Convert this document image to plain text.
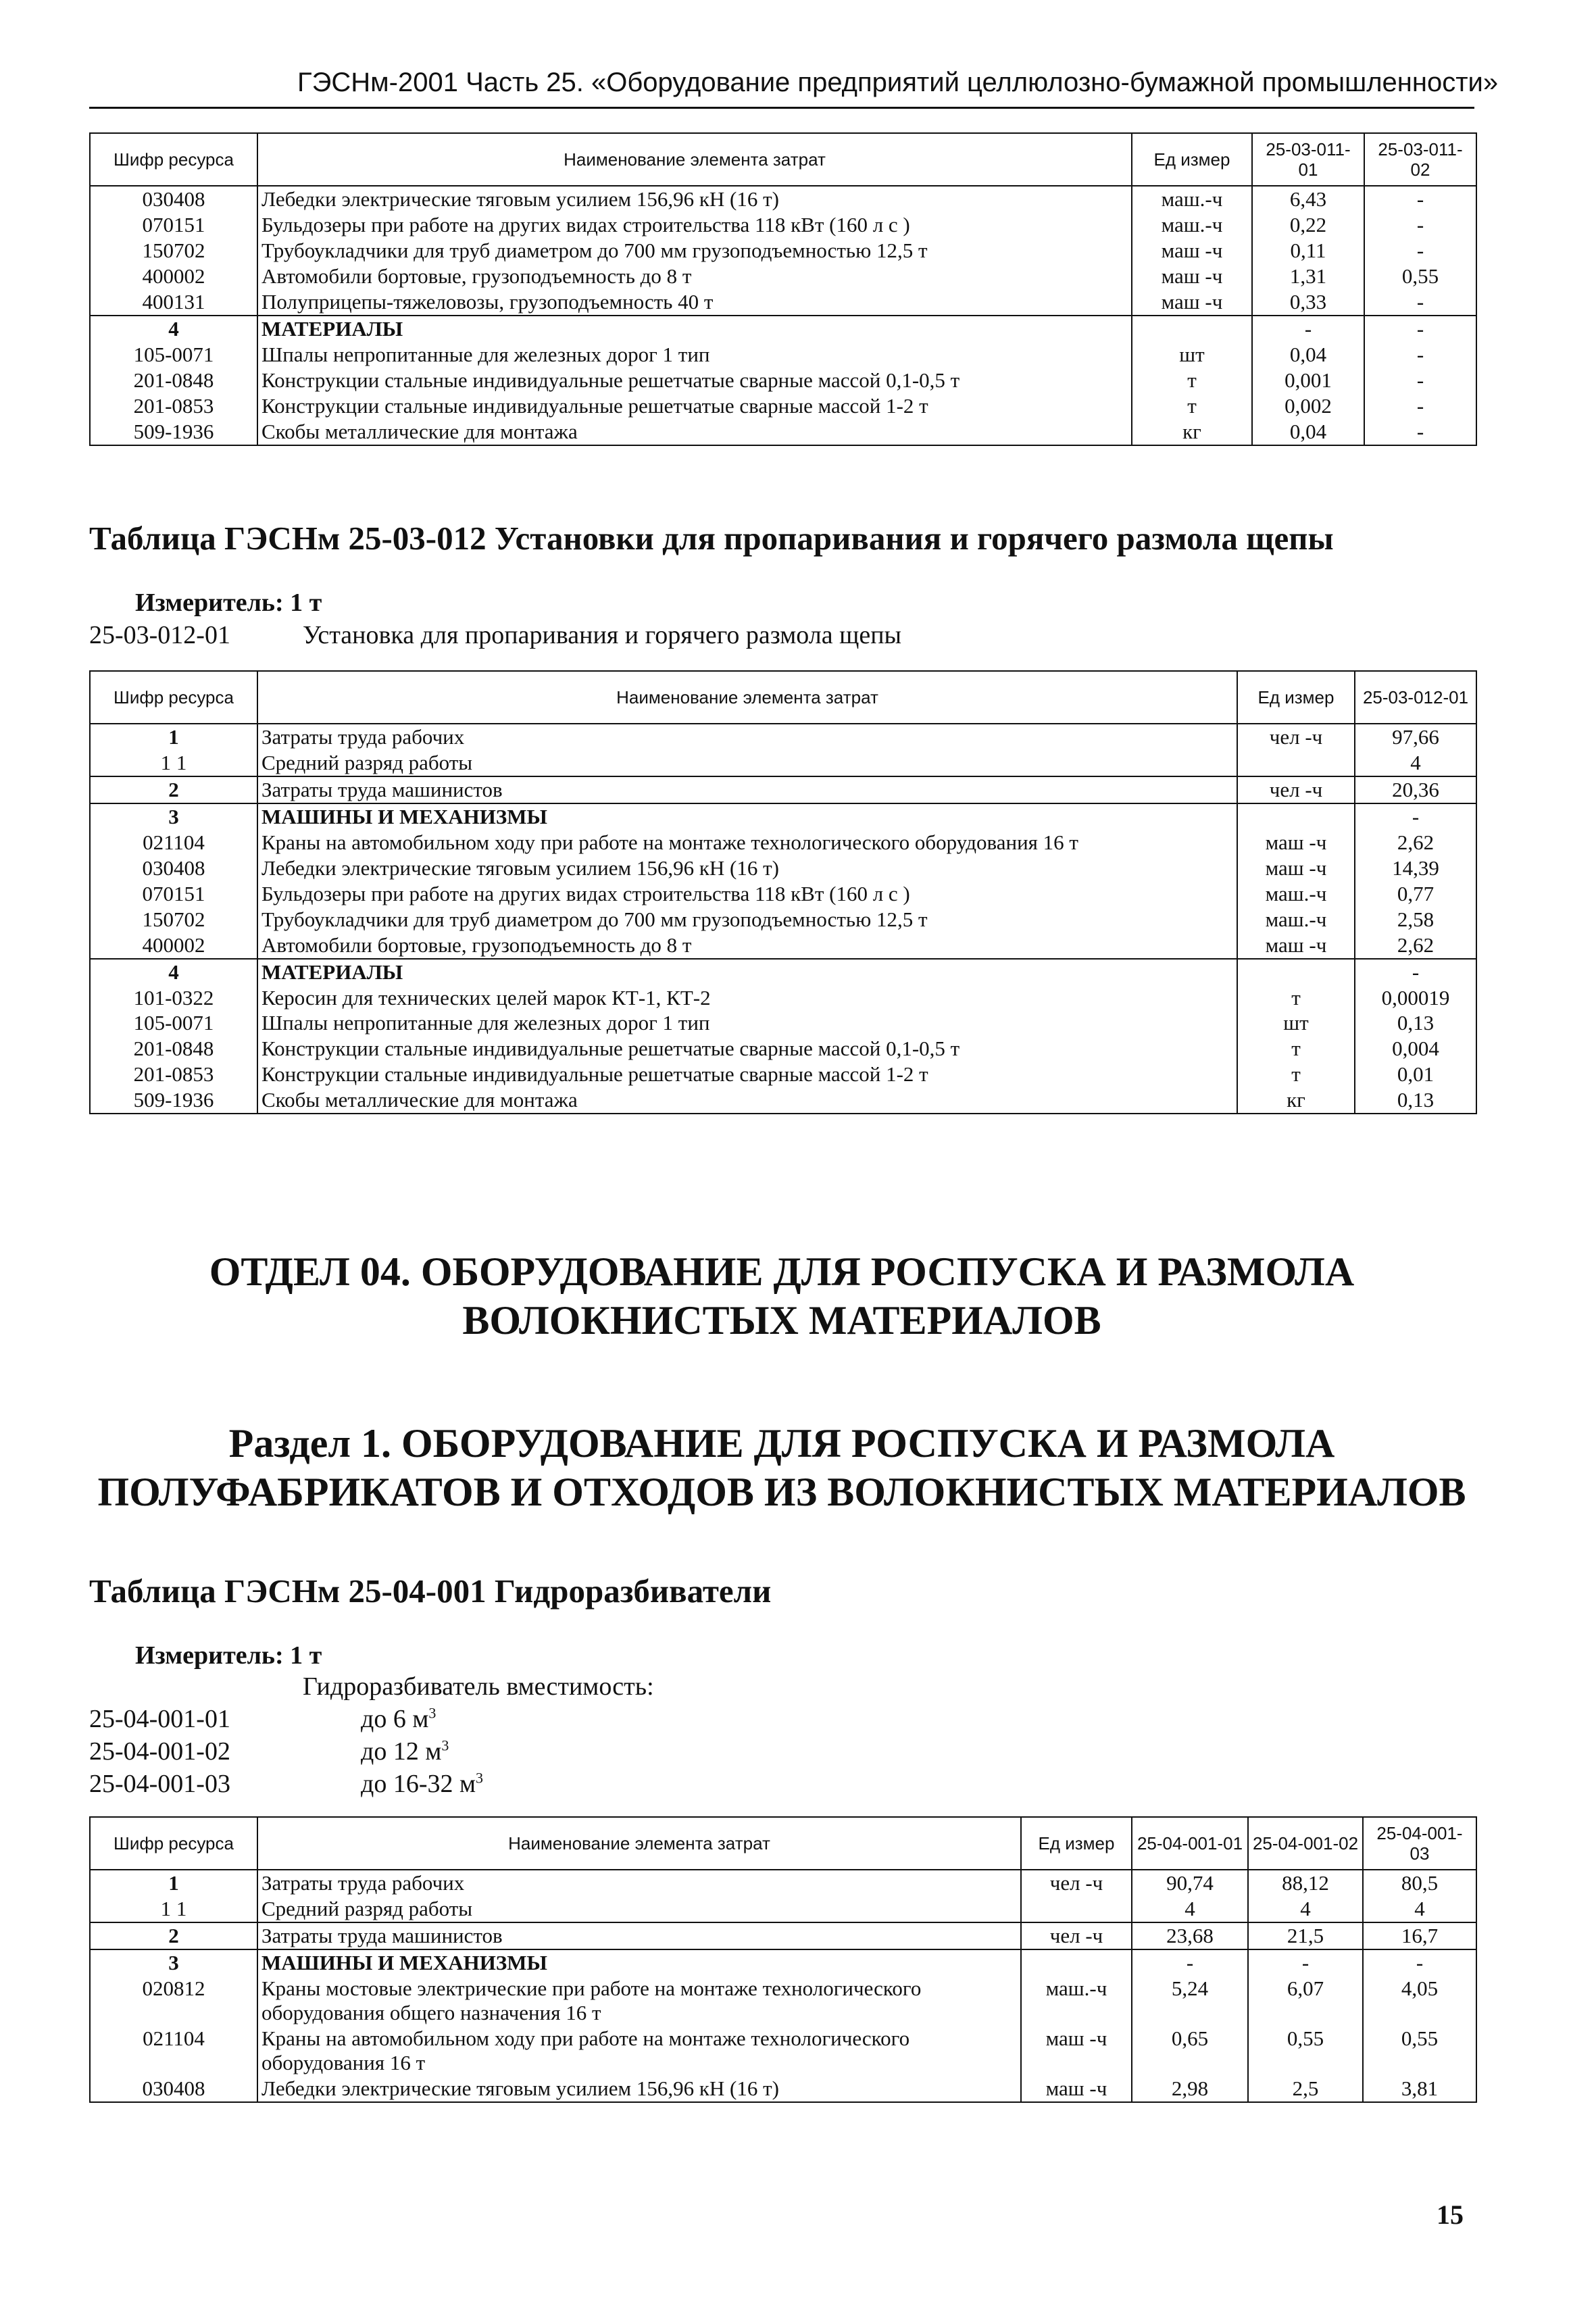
ГЭСНм-2001 Часть 25. «Оборудование предприятий целлюлозно-бумажной промышленности»
Шифр ресурса	Наименование элемента затрат	Ед измер	25-03-011-01	25-03-011-02
030408	Лебедки электрические тяговым усилием 156,96 кН (16 т)	маш.-ч	6,43	-
070151	Бульдозеры при работе на других видах строительства 118 кВт (160 л с )	маш.-ч	0,22	-
150702	Трубоукладчики для труб диаметром до 700 мм грузоподъемностью 12,5 т	маш -ч	0,11	-
400002	Автомобили бортовые, грузоподъемность до 8 т	маш -ч	1,31	0,55
400131	Полуприцепы-тяжеловозы, грузоподъемность 40 т	маш -ч	0,33	-
4	МАТЕРИАЛЫ		-	-
105-0071	Шпалы непропитанные для железных дорог 1 тип	шт	0,04	-
201-0848	Конструкции стальные индивидуальные решетчатые сварные массой 0,1-0,5 т	т	0,001	-
201-0853	Конструкции стальные индивидуальные решетчатые сварные массой 1-2 т	т	0,002	-
509-1936	Скобы металлические для монтажа	кг	0,04	-
Таблица ГЭСНм 25-03-012 Установки для пропаривания и горячего размола щепы
Измеритель: 1 т
25-03-012-01	Установка для пропаривания и горячего размола щепы
Шифр ресурса	Наименование элемента затрат	Ед измер	25-03-012-01
1	Затраты труда рабочих	чел -ч	97,66
1 1	Средний разряд работы		4
2	Затраты труда машинистов	чел -ч	20,36
3	МАШИНЫ И МЕХАНИЗМЫ		-
021104	Краны на автомобильном ходу при работе на монтаже технологического оборудования 16 т	маш -ч	2,62
030408	Лебедки электрические тяговым усилием 156,96 кН (16 т)	маш -ч	14,39
070151	Бульдозеры при работе на других видах строительства 118 кВт (160 л с )	маш.-ч	0,77
150702	Трубоукладчики для труб диаметром до 700 мм грузоподъемностью 12,5 т	маш.-ч	2,58
400002	Автомобили бортовые, грузоподъемность до 8 т	маш -ч	2,62
4	МАТЕРИАЛЫ		-
101-0322	Керосин для технических целей марок КТ-1, КТ-2	т	0,00019
105-0071	Шпалы непропитанные для железных дорог 1 тип	шт	0,13
201-0848	Конструкции стальные индивидуальные решетчатые сварные массой 0,1-0,5 т	т	0,004
201-0853	Конструкции стальные индивидуальные решетчатые сварные массой 1-2 т	т	0,01
509-1936	Скобы металлические для монтажа	кг	0,13
ОТДЕЛ 04. ОБОРУДОВАНИЕ ДЛЯ РОСПУСКА И РАЗМОЛА
ВОЛОКНИСТЫХ МАТЕРИАЛОВ
Раздел 1. ОБОРУДОВАНИЕ ДЛЯ РОСПУСКА И РАЗМОЛА
ПОЛУФАБРИКАТОВ И ОТХОДОВ ИЗ ВОЛОКНИСТЫХ МАТЕРИАЛОВ
Таблица ГЭСНм 25-04-001 Гидроразбиватели
Измеритель: 1 т
Гидроразбиватель вместимость:
25-04-001-01	до 6 $м^3$
25-04-001-02	до 12 $м^3$
25-04-001-03	до 16-32 $м^3$
Шифр ресурса	Наименование элемента затрат	Ед измер	25-04-001-01	25-04-001-02	25-04-001-03
1	Затраты труда рабочих	чел -ч	90,74	88,12	80,5
1 1	Средний разряд работы		4	4	4
2	Затраты труда машинистов	чел -ч	23,68	21,5	16,7
3	МАШИНЫ И МЕХАНИЗМЫ		-	-	-
020812	Краны мостовые электрические при работе на монтаже технологического оборудования общего назначения 16 т	маш.-ч	5,24	6,07	4,05
021104	Краны на автомобильном ходу при работе на монтаже технологического оборудования 16 т	маш -ч	0,65	0,55	0,55
030408	Лебедки электрические тяговым усилием 156,96 кН (16 т)	маш -ч	2,98	2,5	3,81
15
